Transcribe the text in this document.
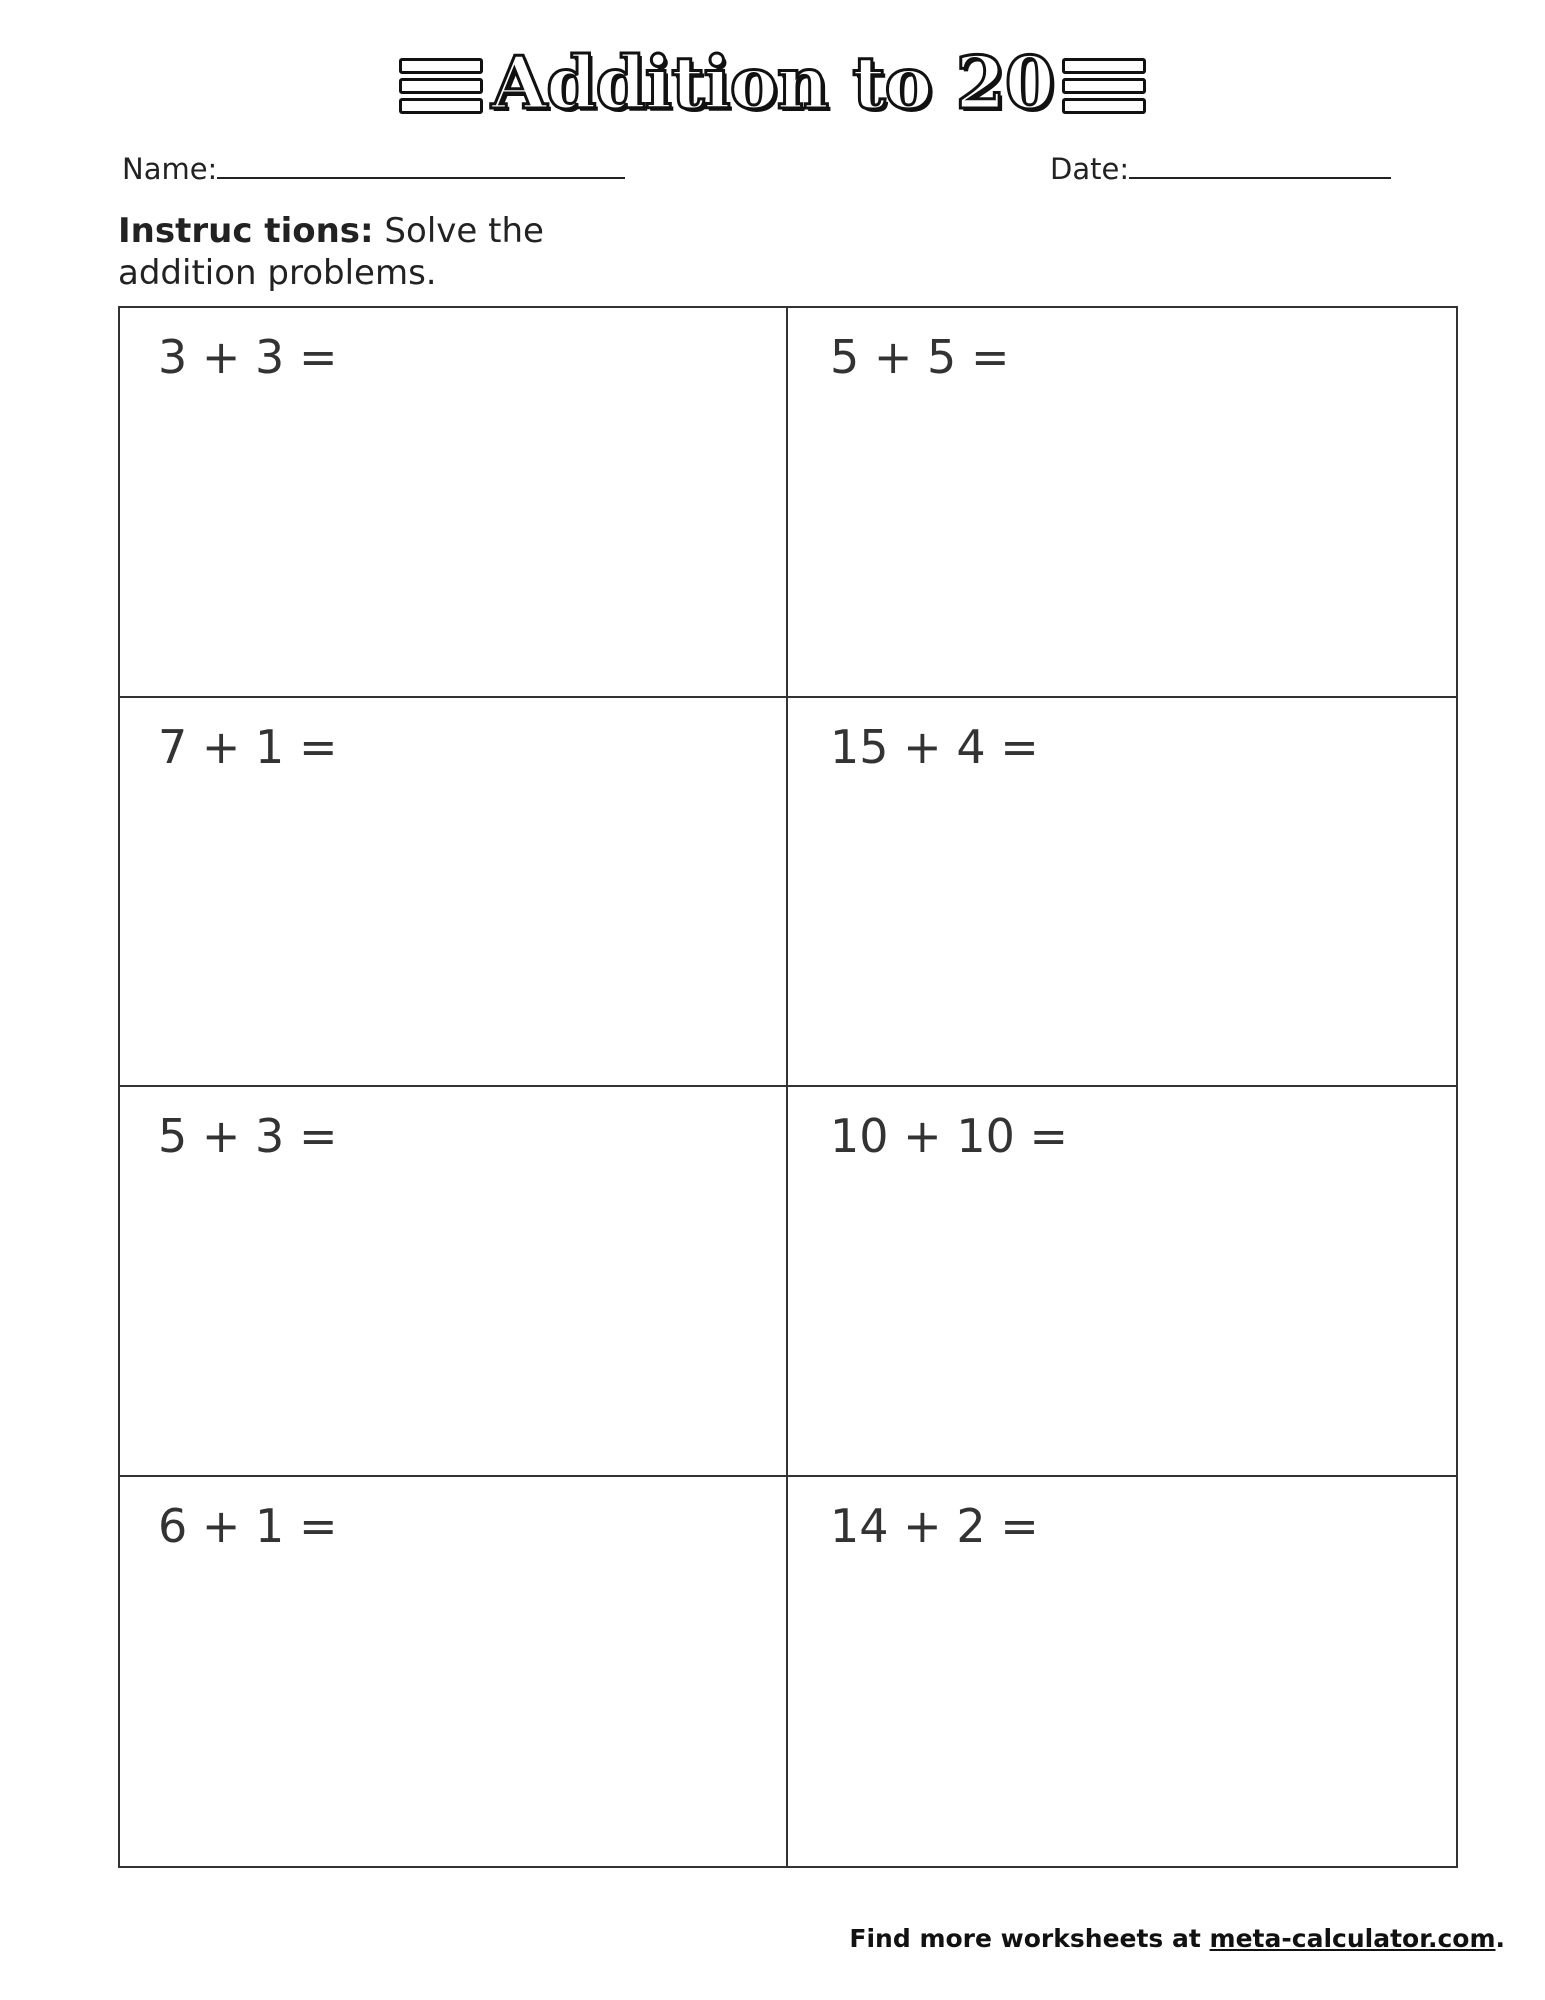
Addition to 20
Name:	Date:
Instruc tions: Solve the addition problems.
3 + 3 =	5 + 5 =
7 + 1 =	15 + 4 =
5 + 3 =	10 + 10 =
6 + 1 =	14 + 2 =
Find more worksheets at meta-calculator.com.
